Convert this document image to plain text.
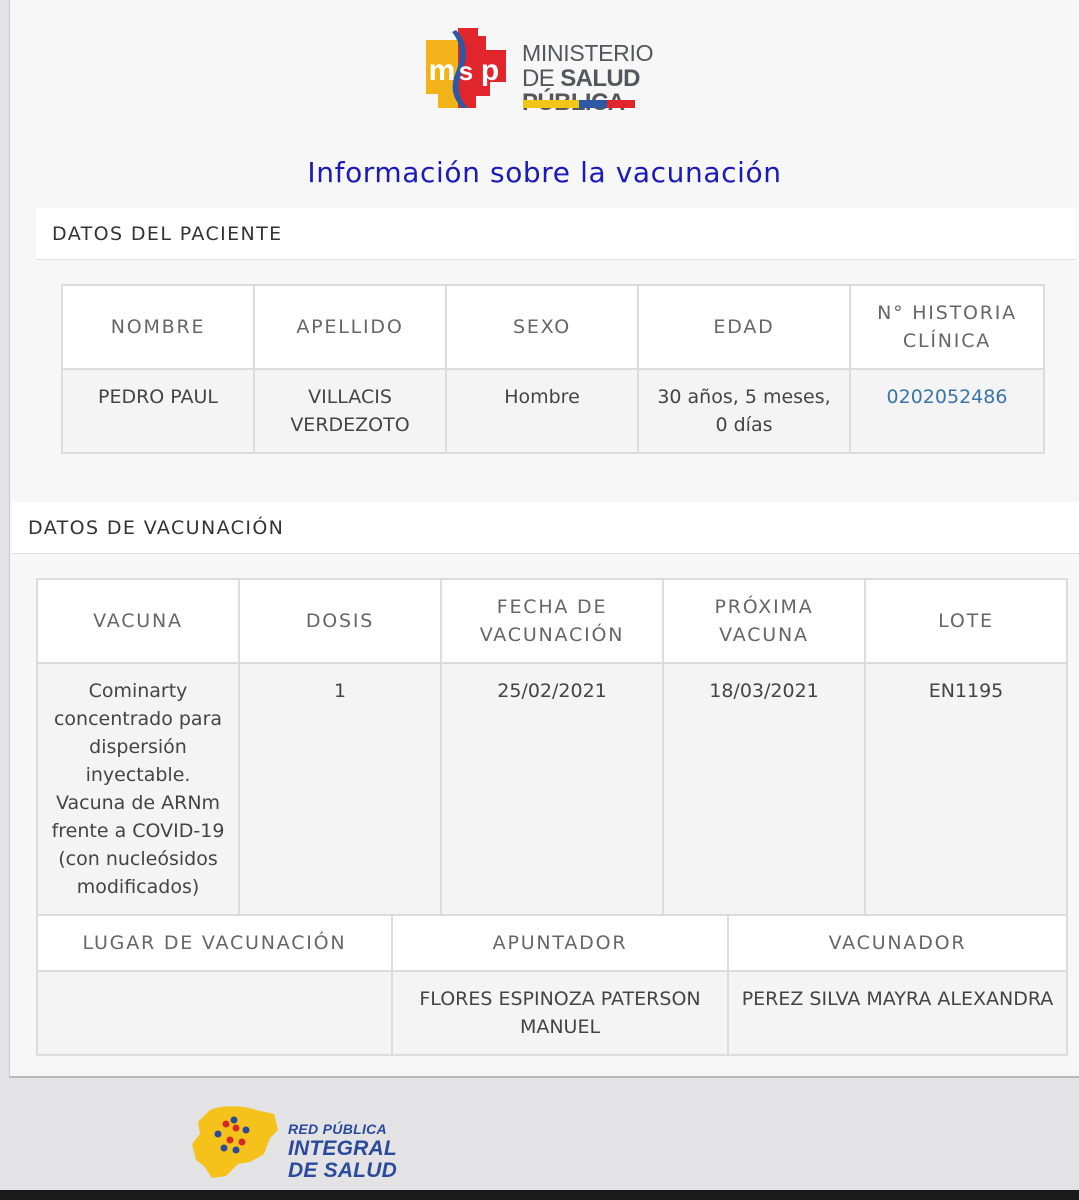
m s p
MINISTERIO
DE SALUD
Información sobre la vacunación
DATOS DEL PACIENTE
NOMBRE	APELLIDO	SEXO	EDAD	N° HISTORIA CLÍNICA
PEDRO PAUL	VILLACIS VERDEZOTO	Hombre	30 años, 5 meses, 0 días	0202052486
DATOS DE VACUNACIÓN
VACUNA	DOSIS	FECHA DE VACUNACIÓN	PRÓXIMA VACUNA	LOTE
Cominarty concentrado para dispersión inyectable. Vacuna de ARNm frente a COVID-19 (con nucleósidos modificados)	1	25/02/2021	18/03/2021	EN1195
LUGAR DE VACUNACIÓN	APUNTADOR	VACUNADOR
	FLORES ESPINOZA PATERSON MANUEL	PEREZ SILVA MAYRA ALEXANDRA
RED PÚBLICA
INTEGRAL
DE SALUD
